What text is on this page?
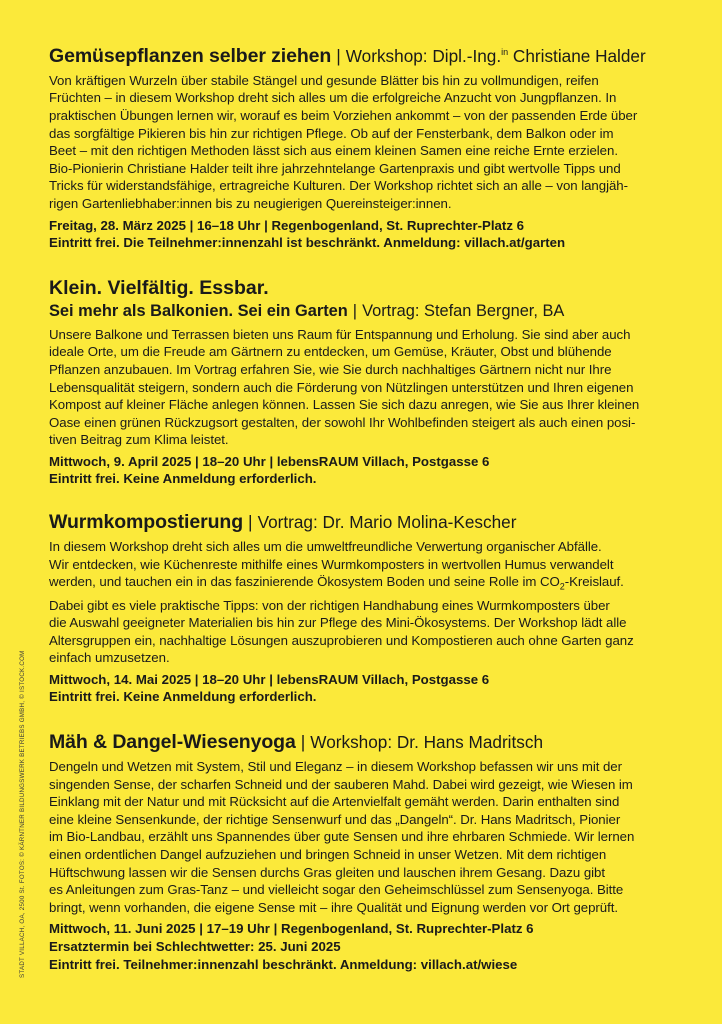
Gemüsepflanzen selber ziehen | Workshop: Dipl.-Ing.$^{in}$ Christiane Halder

Von kräftigen Wurzeln über stabile Stängel und gesunde Blätter bis hin zu vollmundigen, reifen
Früchten – in diesem Workshop dreht sich alles um die erfolgreiche Anzucht von Jungpflanzen. In
praktischen Übungen lernen wir, worauf es beim Vorziehen ankommt – von der passenden Erde über
das sorgfältige Pikieren bis hin zur richtigen Pflege. Ob auf der Fensterbank, dem Balkon oder im
Beet – mit den richtigen Methoden lässt sich aus einem kleinen Samen eine reiche Ernte erzielen.
Bio-Pionierin Christiane Halder teilt ihre jahrzehntelange Gartenpraxis und gibt wertvolle Tipps und
Tricks für widerstandsfähige, ertragreiche Kulturen. Der Workshop richtet sich an alle – von langjäh-
rigen Gartenliebhaber:innen bis zu neugierigen Quereinsteiger:innen.

Freitag, 28. März 2025 | 16–18 Uhr | Regenbogenland, St. Ruprechter-Platz 6
Eintritt frei. Die Teilnehmer:innenzahl ist beschränkt. Anmeldung: villach.at/garten
Klein. Vielfältig. Essbar.
Sei mehr als Balkonien. Sei ein Garten | Vortrag: Stefan Bergner, BA

Unsere Balkone und Terrassen bieten uns Raum für Entspannung und Erholung. Sie sind aber auch
ideale Orte, um die Freude am Gärtnern zu entdecken, um Gemüse, Kräuter, Obst und blühende
Pflanzen anzubauen. Im Vortrag erfahren Sie, wie Sie durch nachhaltiges Gärtnern nicht nur Ihre
Lebensqualität steigern, sondern auch die Förderung von Nützlingen unterstützen und Ihren eigenen
Kompost auf kleiner Fläche anlegen können. Lassen Sie sich dazu anregen, wie Sie aus Ihrer kleinen
Oase einen grünen Rückzugsort gestalten, der sowohl Ihr Wohlbefinden steigert als auch einen posi-
tiven Beitrag zum Klima leistet.

Mittwoch, 9. April 2025 | 18–20 Uhr | lebensRAUM Villach, Postgasse 6
Eintritt frei. Keine Anmeldung erforderlich.
Wurmkompostierung | Vortrag: Dr. Mario Molina-Kescher

In diesem Workshop dreht sich alles um die umweltfreundliche Verwertung organischer Abfälle.
Wir entdecken, wie Küchenreste mithilfe eines Wurmkomposters in wertvollen Humus verwandelt
werden, und tauchen ein in das faszinierende Ökosystem Boden und seine Rolle im $CO_2$-Kreislauf.
Dabei gibt es viele praktische Tipps: von der richtigen Handhabung eines Wurmkomposters über
die Auswahl geeigneter Materialien bis hin zur Pflege des Mini-Ökosystems. Der Workshop lädt alle
Altersgruppen ein, nachhaltige Lösungen auszuprobieren und Kompostieren auch ohne Garten ganz
einfach umzusetzen.

Mittwoch, 14. Mai 2025 | 18–20 Uhr | lebensRAUM Villach, Postgasse 6
Eintritt frei. Keine Anmeldung erforderlich.
Mäh & Dangel-Wiesenyoga | Workshop: Dr. Hans Madritsch

Dengeln und Wetzen mit System, Stil und Eleganz – in diesem Workshop befassen wir uns mit der
singenden Sense, der scharfen Schneid und der sauberen Mahd. Dabei wird gezeigt, wie Wiesen im
Einklang mit der Natur und mit Rücksicht auf die Artenvielfalt gemäht werden. Darin enthalten sind
eine kleine Sensenkunde, der richtige Sensenwurf und das „Dangeln“. Dr. Hans Madritsch, Pionier
im Bio-Landbau, erzählt uns Spannendes über gute Sensen und ihre ehrbaren Schmiede. Wir lernen
einen ordentlichen Dangel aufzuziehen und bringen Schneid in unser Wetzen. Mit dem richtigen
Hüftschwung lassen wir die Sensen durchs Gras gleiten und lauschen ihrem Gesang. Dazu gibt
es Anleitungen zum Gras-Tanz – und vielleicht sogar den Geheimschlüssel zum Sensenyoga. Bitte
bringt, wenn vorhanden, die eigene Sense mit – ihre Qualität und Eignung werden vor Ort geprüft.

Mittwoch, 11. Juni 2025 | 17–19 Uhr | Regenbogenland, St. Ruprechter-Platz 6
Ersatztermin bei Schlechtwetter: 25. Juni 2025
Eintritt frei. Teilnehmer:innenzahl beschränkt. Anmeldung: villach.at/wiese
STADT VILLACH, OA, 2500 St. FOTOS: © KÄRNTNER BILDUNGSWERK BETRIEBS GMBH, © ISTOCK.COM
